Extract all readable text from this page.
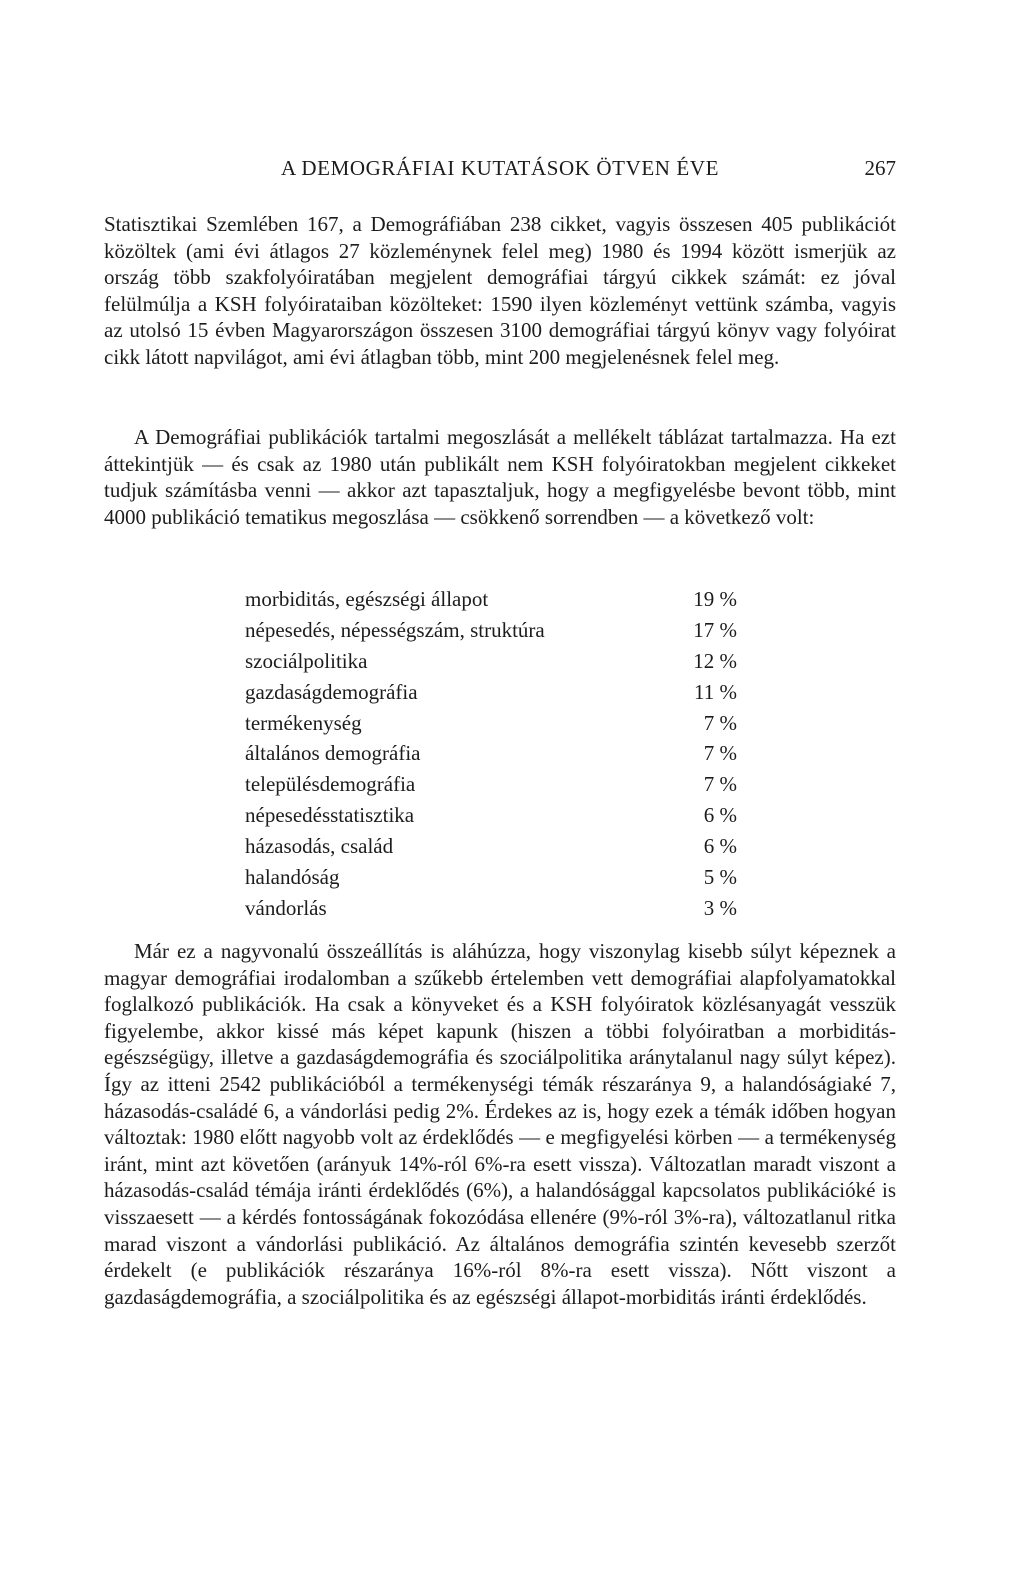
A DEMOGRÁFIAI KUTATÁSOK ÖTVEN ÉVE	267

Statisztikai Szemlében 167, a Demográfiában 238 cikket, vagyis összesen 405 publikációt közöltek (ami évi átlagos 27 közleménynek felel meg) 1980 és 1994 között ismerjük az ország több szakfolyóiratában megjelent demográfiai tárgyú cikkek számát: ez jóval felülmúlja a KSH folyóirataiban közölteket: 1590 ilyen közleményt vettünk számba, vagyis az utolsó 15 évben Magyarországon összesen 3100 demográfiai tárgyú könyv vagy folyóirat cikk látott napvilágot, ami évi átlagban több, mint 200 megjelenésnek felel meg.

A Demográfiai publikációk tartalmi megoszlását a mellékelt táblázat tartalmazza. Ha ezt áttekintjük — és csak az 1980 után publikált nem KSH folyóiratokban megjelent cikkeket tudjuk számításba venni — akkor azt tapasztaljuk, hogy a megfigyelésbe bevont több, mint 4000 publikáció tematikus megoszlása — csökkenő sorrendben — a következő volt:

morbiditás, egészségi állapot	19 %
népesedés, népességszám, struktúra	17 %
szociálpolitika	12 %
gazdaságdemográfia	11 %
termékenység	7 %
általános demográfia	7 %
településdemográfia	7 %
népesedésstatisztika	6 %
házasodás, család	6 %
halandóság	5 %
vándorlás	3 %

Már ez a nagyvonalú összeállítás is aláhúzza, hogy viszonylag kisebb súlyt képeznek a magyar demográfiai irodalomban a szűkebb értelemben vett demográfiai alapfolyamatokkal foglalkozó publikációk. Ha csak a könyveket és a KSH folyóiratok közlésanyagát vesszük figyelembe, akkor kissé más képet kapunk (hiszen a többi folyóiratban a morbiditás-egészségügy, illetve a gazdaságdemográfia és szociálpolitika aránytalanul nagy súlyt képez). Így az itteni 2542 publikációból a termékenységi témák részaránya 9, a halandóságiaké 7, házasodás-családé 6, a vándorlási pedig 2%. Érdekes az is, hogy ezek a témák időben hogyan változtak: 1980 előtt nagyobb volt az érdeklődés — e megfigyelési körben — a termékenység iránt, mint azt követően (arányuk 14%-ról 6%-ra esett vissza). Változatlan maradt viszont a házasodás-család témája iránti érdeklődés (6%), a halandósággal kapcsolatos publikációké is visszaesett — a kérdés fontosságának fokozódása ellenére (9%-ról 3%-ra), változatlanul ritka marad viszont a vándorlási publikáció. Az általános demográfia szintén kevesebb szerzőt érdekelt (e publikációk részaránya 16%-ról 8%-ra esett vissza). Nőtt viszont a gazdaságdemográfia, a szociálpolitika és az egészségi állapot-morbiditás iránti érdeklődés.
